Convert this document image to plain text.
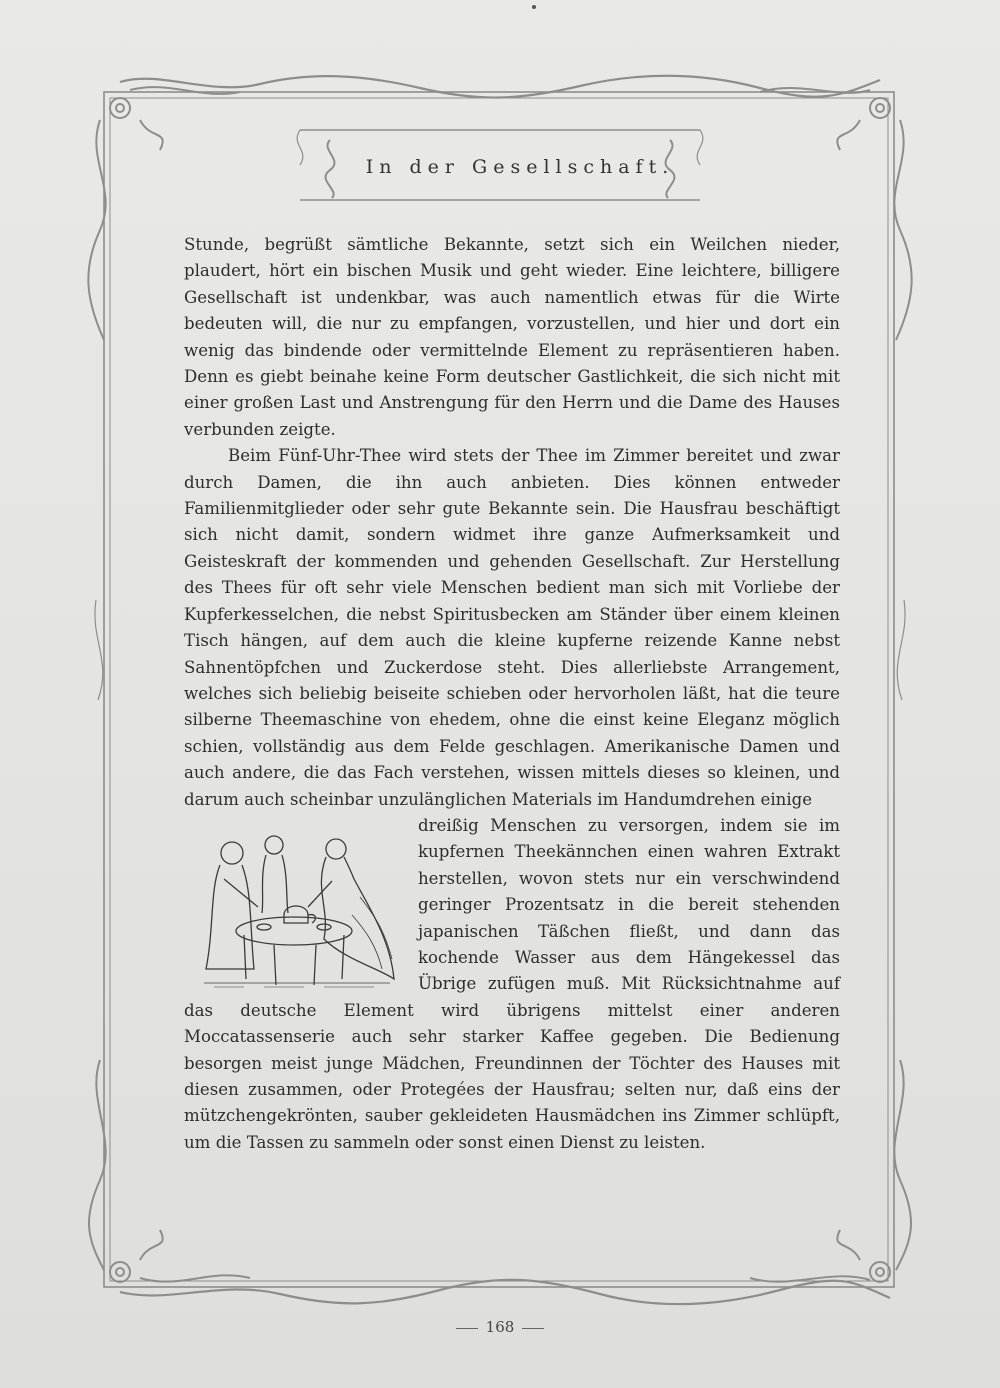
In der Gesellschaft.

Stunde, begrüßt sämtliche Bekannte, setzt sich ein Weilchen nieder, plaudert, hört ein bischen Musik und geht wieder. Eine leichtere, billigere Gesellschaft ist undenkbar, was auch namentlich etwas für die Wirte bedeuten will, die nur zu empfangen, vorzustellen, und hier und dort ein wenig das bindende oder vermittelnde Element zu repräsentieren haben. Denn es giebt beinahe keine Form deutscher Gastlichkeit, die sich nicht mit einer großen Last und Anstrengung für den Herrn und die Dame des Hauses verbunden zeigte.

Beim Fünf-Uhr-Thee wird stets der Thee im Zimmer bereitet und zwar durch Damen, die ihn auch anbieten. Dies können entweder Familienmitglieder oder sehr gute Bekannte sein. Die Hausfrau beschäftigt sich nicht damit, sondern widmet ihre ganze Aufmerksamkeit und Geisteskraft der kommenden und gehenden Gesellschaft. Zur Herstellung des Thees für oft sehr viele Menschen bedient man sich mit Vorliebe der Kupferkesselchen, die nebst Spiritusbecken am Ständer über einem kleinen Tisch hängen, auf dem auch die kleine kupferne reizende Kanne nebst Sahnentöpfchen und Zuckerdose steht. Dies allerliebste Arrangement, welches sich beliebig beiseite schieben oder hervorholen läßt, hat die teure silberne Theemaschine von ehedem, ohne die einst keine Eleganz möglich schien, vollständig aus dem Felde geschlagen. Amerikanische Damen und auch andere, die das Fach verstehen, wissen mittels dieses so kleinen, und darum auch scheinbar unzulänglichen Materials im Handumdrehen einige

dreißig Menschen zu versorgen, indem sie im kupfernen Theekännchen einen wahren Extrakt herstellen, wovon stets nur ein verschwindend geringer Prozentsatz in die bereit stehenden japanischen Täßchen fließt, und dann das kochende Wasser aus dem Hängekessel das Übrige zufügen muß. Mit Rücksichtnahme auf das deutsche Element wird übrigens mittelst einer anderen Moccatassenserie auch sehr starker Kaffee gegeben. Die Bedienung besorgen meist junge Mädchen, Freundinnen der Töchter des Hauses mit diesen zusammen, oder Protegées der Hausfrau; selten nur, daß eins der mützchengekrönten, sauber gekleideten Hausmädchen ins Zimmer schlüpft, um die Tassen zu sammeln oder sonst einen Dienst zu leisten.

168
